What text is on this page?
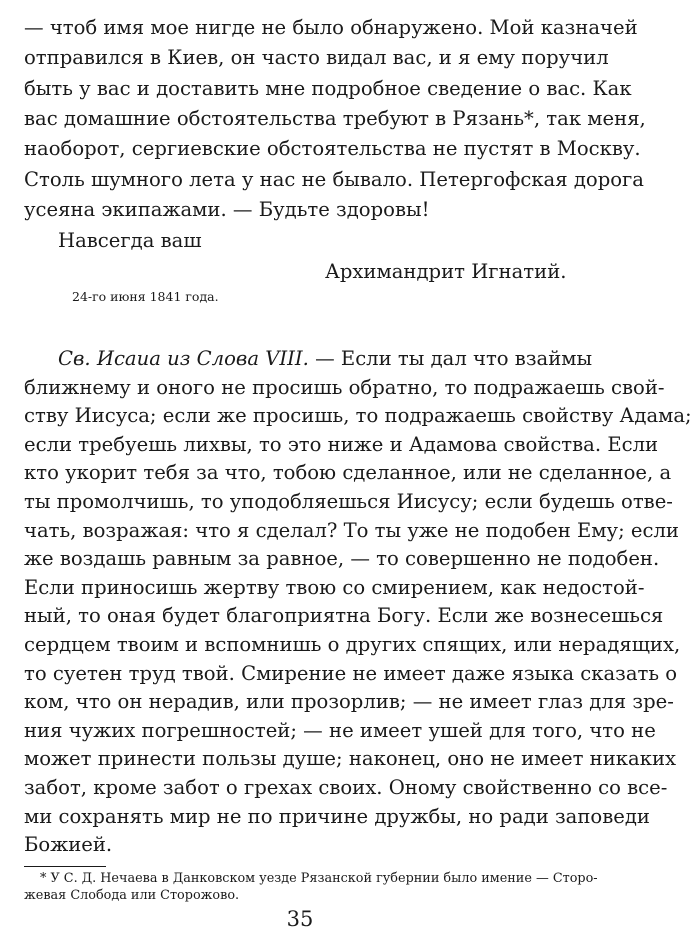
— чтоб имя мое нигде не было обнаружено. Мой казначей
отправился в Киев, он часто видал вас, и я ему поручил
быть у вас и доставить мне подробное сведение о вас. Как
вас домашние обстоятельства требуют в Рязань*, так меня,
наоборот, сергиевские обстоятельства не пустят в Москву.
Столь шумного лета у нас не бывало. Петергофская дорога
усеяна экипажами. — Будьте здоровы!
Навсегда ваш
Архимандрит Игнатий.
24-го июня 1841 года.
Св. Исаиа из Слова VIII. — Если ты дал что взаймы
ближнему и оного не просишь обратно, то подражаешь свой-
ству Иисуса; если же просишь, то подражаешь свойству Адама;
если требуешь лихвы, то это ниже и Адамова свойства. Если
кто укорит тебя за что, тобою сделанное, или не сделанное, а
ты промолчишь, то уподобляешься Иисусу; если будешь отве-
чать, возражая: что я сделал? То ты уже не подобен Ему; если
же воздашь равным за равное, — то совершенно не подобен.
Если приносишь жертву твою со смирением, как недостой-
ный, то оная будет благоприятна Богу. Если же вознесешься
сердцем твоим и вспомнишь о других спящих, или нерадящих,
то суетен труд твой. Смирение не имеет даже языка сказать о
ком, что он нерадив, или прозорлив; — не имеет глаз для зре-
ния чужих погрешностей; — не имеет ушей для того, что не
может принести пользы душе; наконец, оно не имеет никаких
забот, кроме забот о грехах своих. Оному свойственно со все-
ми сохранять мир не по причине дружбы, но ради заповеди
* У С. Д. Нечаева в Данковском уезде Рязанской губернии было имение — Сторо-
жевая Слобода или Сторожово.
35
Божией.
